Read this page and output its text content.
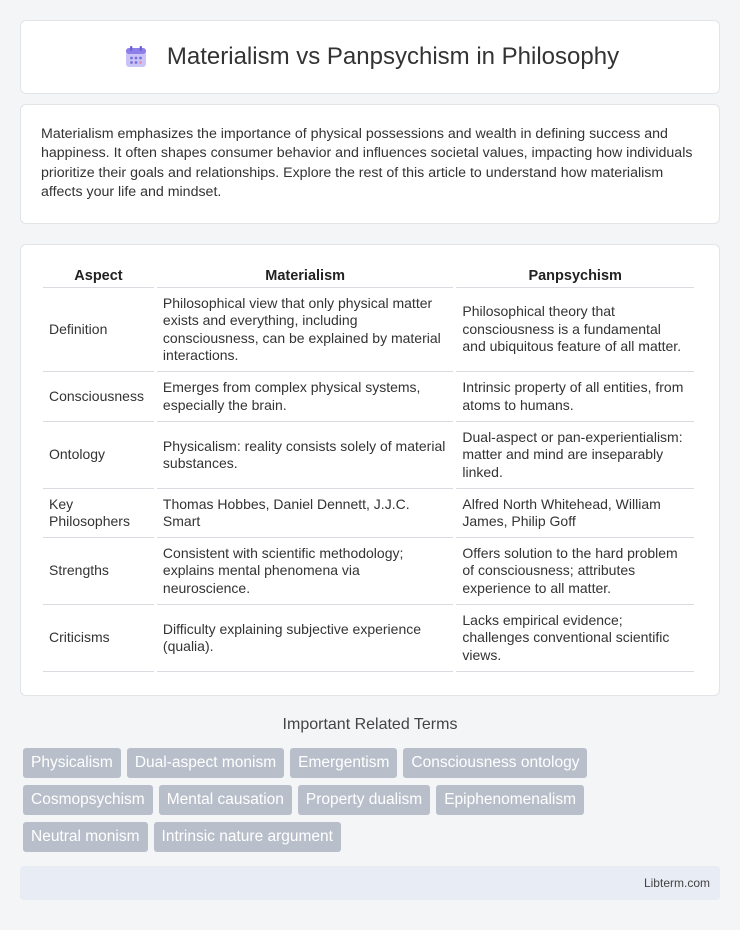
Materialism vs Panpsychism in Philosophy

Materialism emphasizes the importance of physical possessions and wealth in defining success and happiness. It often shapes consumer behavior and influences societal values, impacting how individuals prioritize their goals and relationships. Explore the rest of this article to understand how materialism affects your life and mindset.

Aspect	Materialism	Panpsychism
Definition	Philosophical view that only physical matter exists and everything, including consciousness, can be explained by material interactions.	Philosophical theory that consciousness is a fundamental and ubiquitous feature of all matter.
Consciousness	Emerges from complex physical systems, especially the brain.	Intrinsic property of all entities, from atoms to humans.
Ontology	Physicalism: reality consists solely of material substances.	Dual-aspect or pan-experientialism: matter and mind are inseparably linked.
Key Philosophers	Thomas Hobbes, Daniel Dennett, J.J.C. Smart	Alfred North Whitehead, William James, Philip Goff
Strengths	Consistent with scientific methodology; explains mental phenomena via neuroscience.	Offers solution to the hard problem of consciousness; attributes experience to all matter.
Criticisms	Difficulty explaining subjective experience (qualia).	Lacks empirical evidence; challenges conventional scientific views.
Important Related Terms
Physicalism	Dual-aspect monism	Emergentism	Consciousness ontology
Cosmopsychism	Mental causation	Property dualism	Epiphenomenalism
Neutral monism	Intrinsic nature argument
Libterm.com
